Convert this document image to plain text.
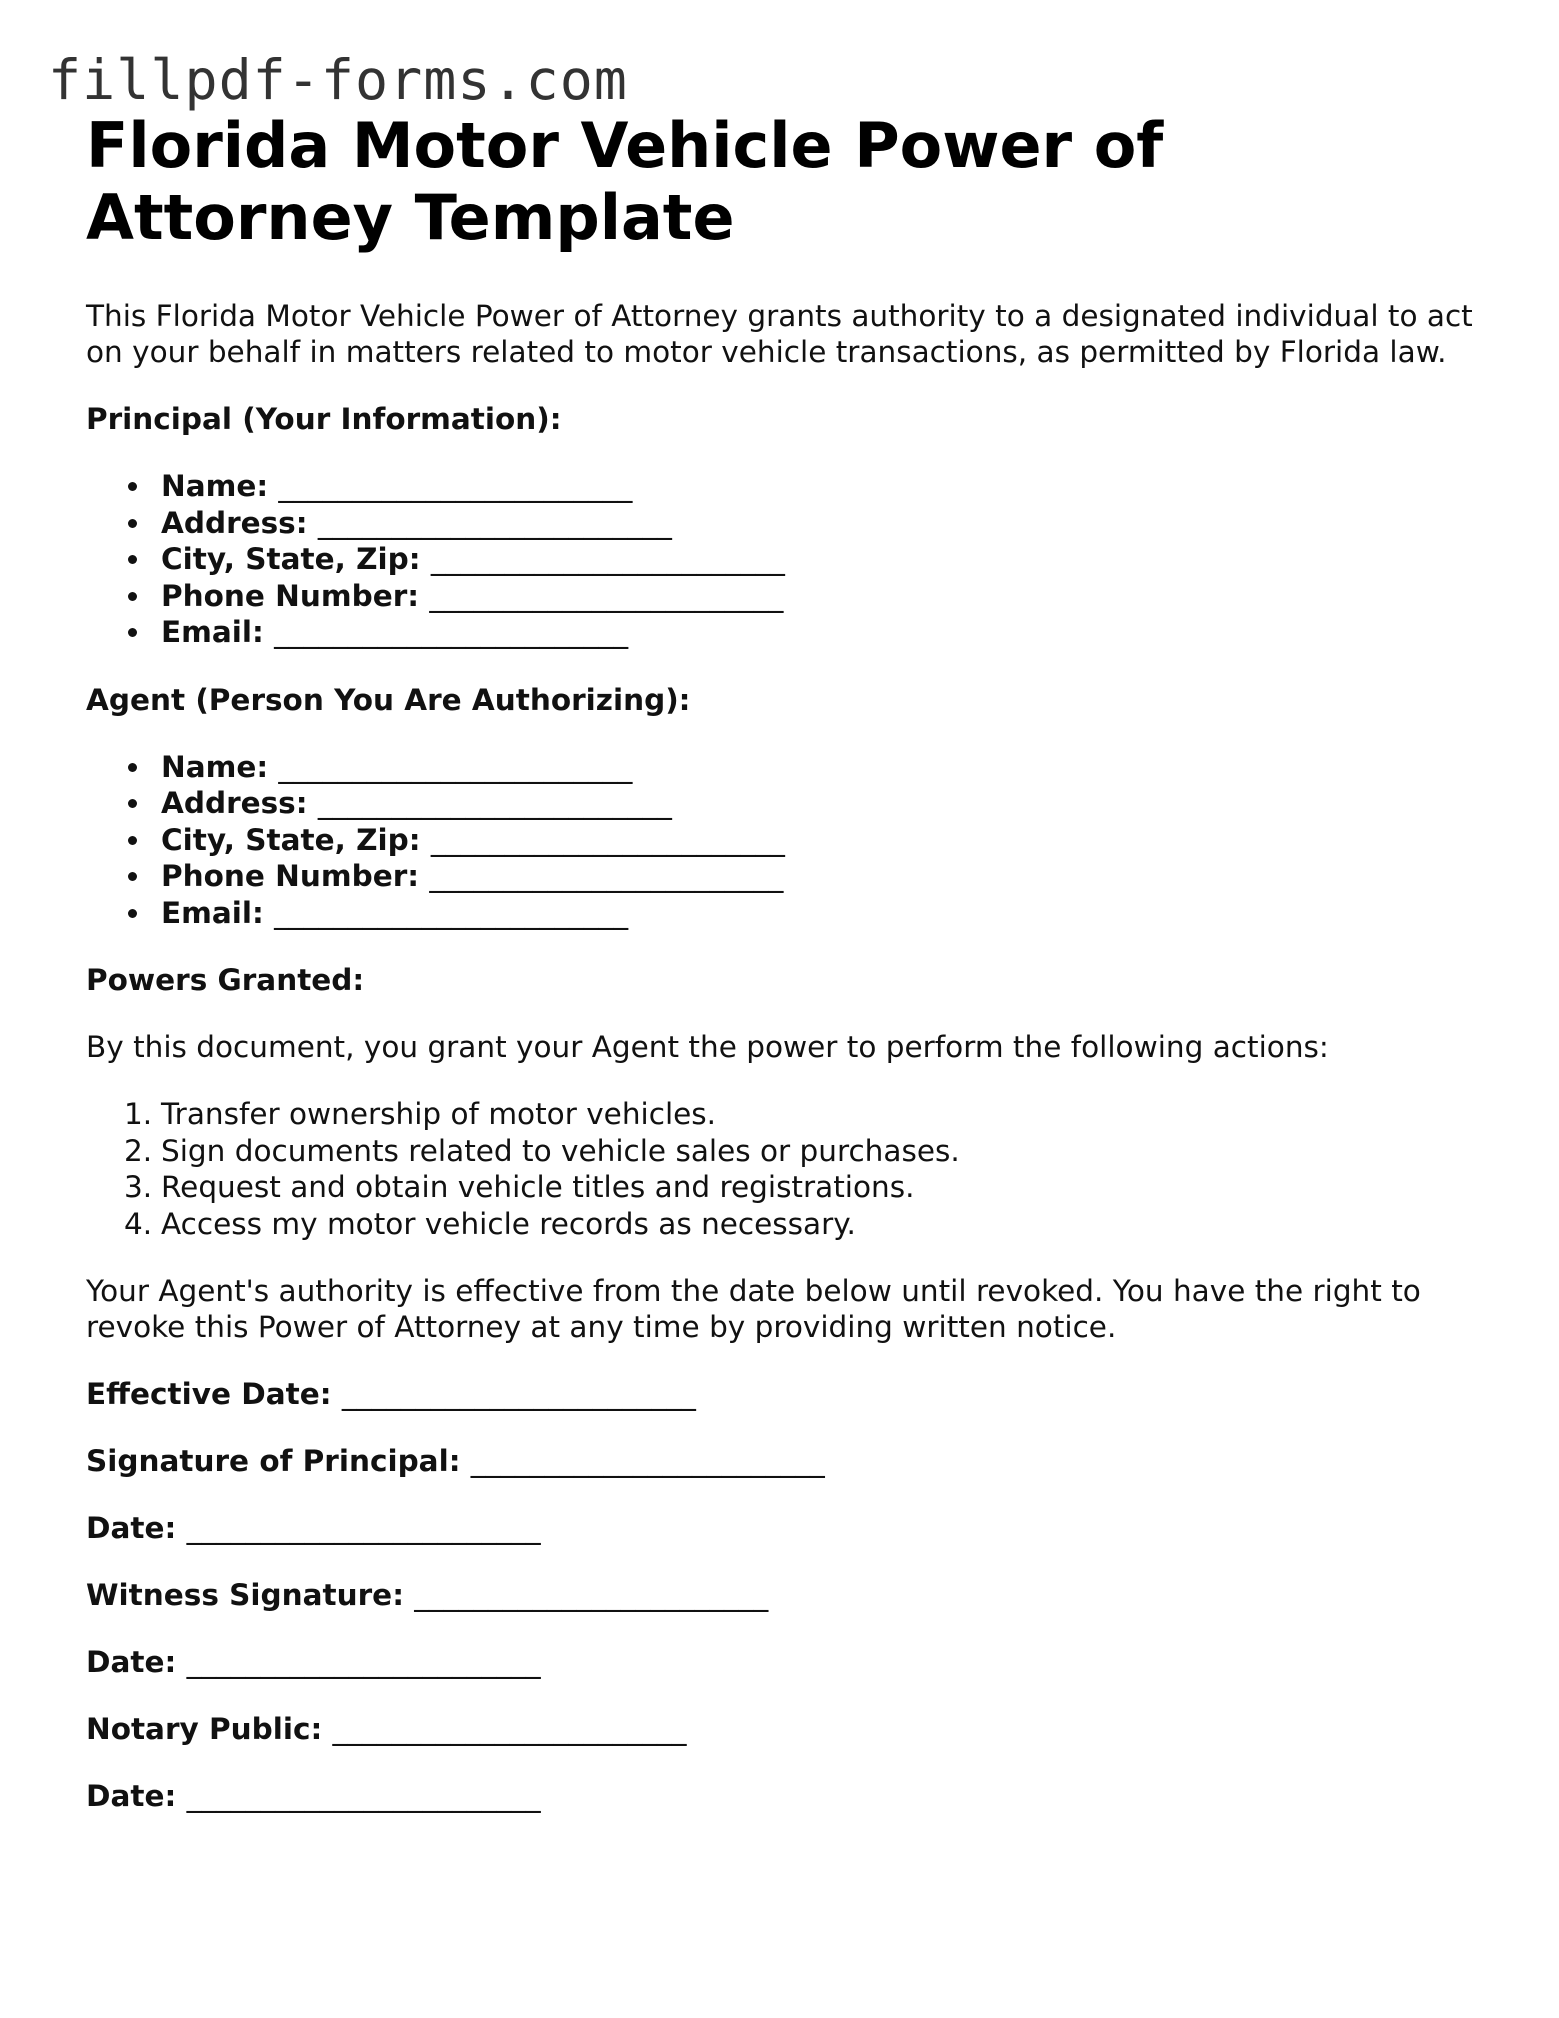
fillpdf-forms.com
Florida Motor Vehicle Power of Attorney Template

This Florida Motor Vehicle Power of Attorney grants authority to a designated individual to act on your behalf in matters related to motor vehicle transactions, as permitted by Florida law.

Principal (Your Information):
Name: ________________________
Address: ________________________
City, State, Zip: ________________________
Phone Number: ________________________
Email: ________________________
Agent (Person You Are Authorizing):
Name: ________________________
Address: ________________________
City, State, Zip: ________________________
Phone Number: ________________________
Email: ________________________
Powers Granted:

By this document, you grant your Agent the power to perform the following actions:

1. Transfer ownership of motor vehicles.
2. Sign documents related to vehicle sales or purchases.
3. Request and obtain vehicle titles and registrations.
4. Access my motor vehicle records as necessary.

Your Agent's authority is effective from the date below until revoked. You have the right to revoke this Power of Attorney at any time by providing written notice.

Effective Date: ________________________
Signature of Principal: ________________________
Date: ________________________
Witness Signature: ________________________
Date: ________________________
Notary Public: ________________________
Date: ________________________
